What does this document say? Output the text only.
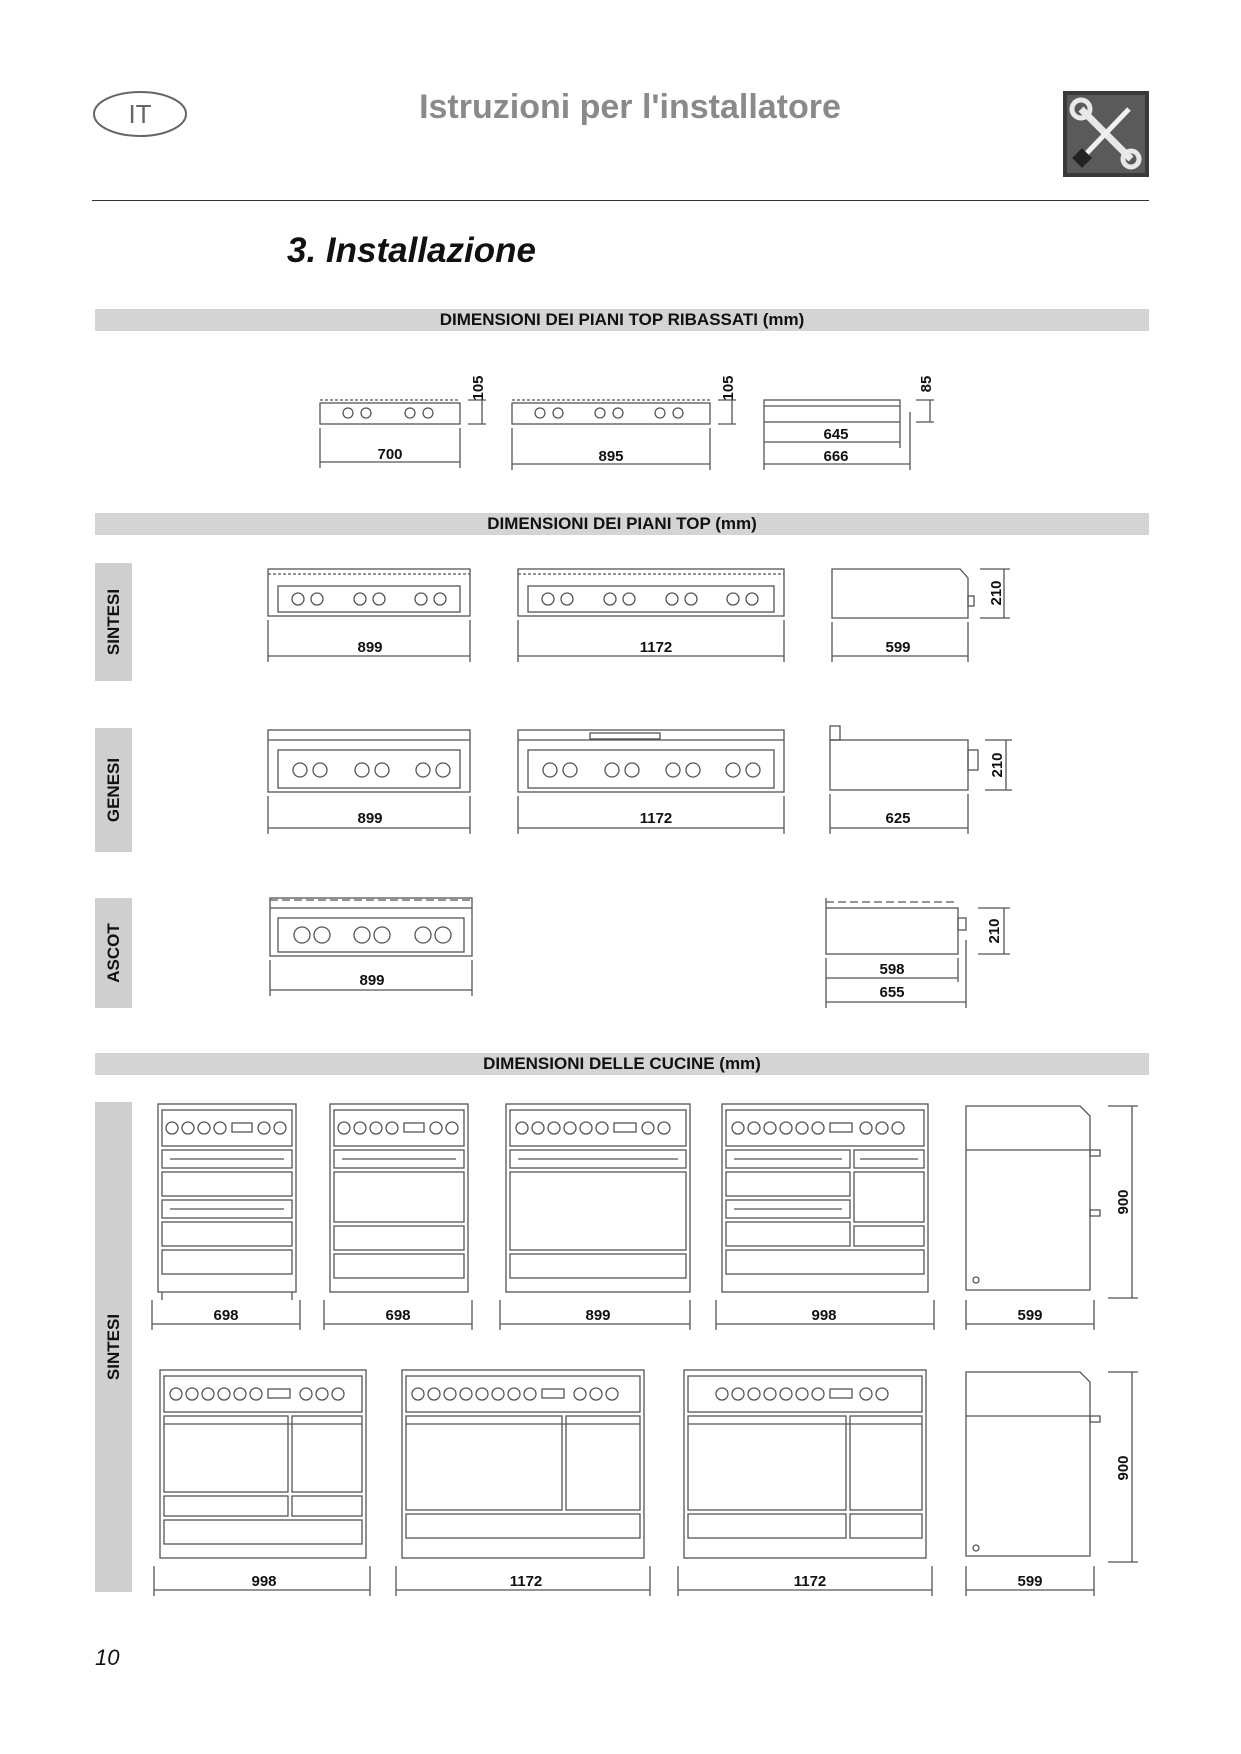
IT	Istruzioni per l'installatore
3. Installazione
DIMENSIONI DEI PIANI TOP RIBASSATI (mm)
DIMENSIONI DEI PIANI TOP (mm)
DIMENSIONI DELLE CUCINE (mm)
SINTESI
GENESI
ASCOT
SINTESI
700
105
895
105
645
666
85
899	1172	599
210
899	1172	625
210
899
598
655
210
698	698	899	998	599
900
998	1172	1172	599
900
10
